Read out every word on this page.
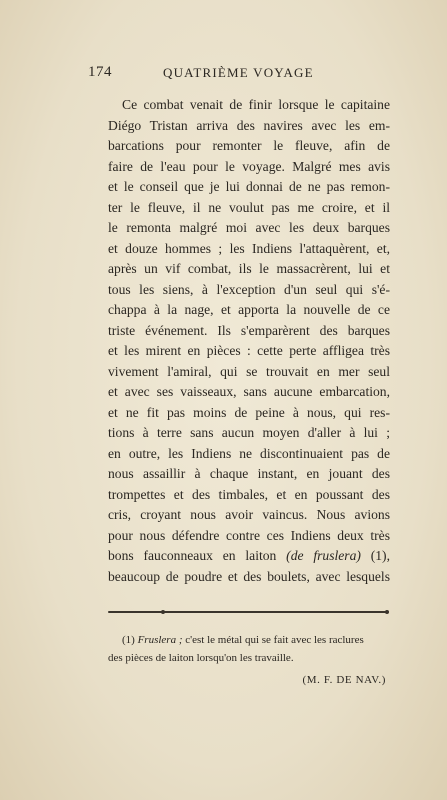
174	QUATRIÈME VOYAGE
Ce combat venait de finir lorsque le capitaine
Diégo Tristan arriva des navires avec les em-
barcations pour remonter le fleuve, afin de
faire de l'eau pour le voyage. Malgré mes avis
et le conseil que je lui donnai de ne pas remon-
ter le fleuve, il ne voulut pas me croire, et il
le remonta malgré moi avec les deux barques
et douze hommes ; les Indiens l'attaquèrent, et,
après un vif combat, ils le massacrèrent, lui et
tous les siens, à l'exception d'un seul qui s'é-
chappa à la nage, et apporta la nouvelle de ce
triste événement. Ils s'emparèrent des barques
et les mirent en pièces : cette perte affligea très
vivement l'amiral, qui se trouvait en mer seul
et avec ses vaisseaux, sans aucune embarcation,
et ne fit pas moins de peine à nous, qui res-
tions à terre sans aucun moyen d'aller à lui ;
en outre, les Indiens ne discontinuaient pas de
nous assaillir à chaque instant, en jouant des
trompettes et des timbales, et en poussant des
cris, croyant nous avoir vaincus. Nous avions
pour nous défendre contre ces Indiens deux très
bons fauconneaux en laiton (de fruslera) (1),
beaucoup de poudre et des boulets, avec lesquels
(1) Fruslera ; c'est le métal qui se fait avec les raclures
des pièces de laiton lorsqu'on les travaille.
(M. F. DE NAV.)
